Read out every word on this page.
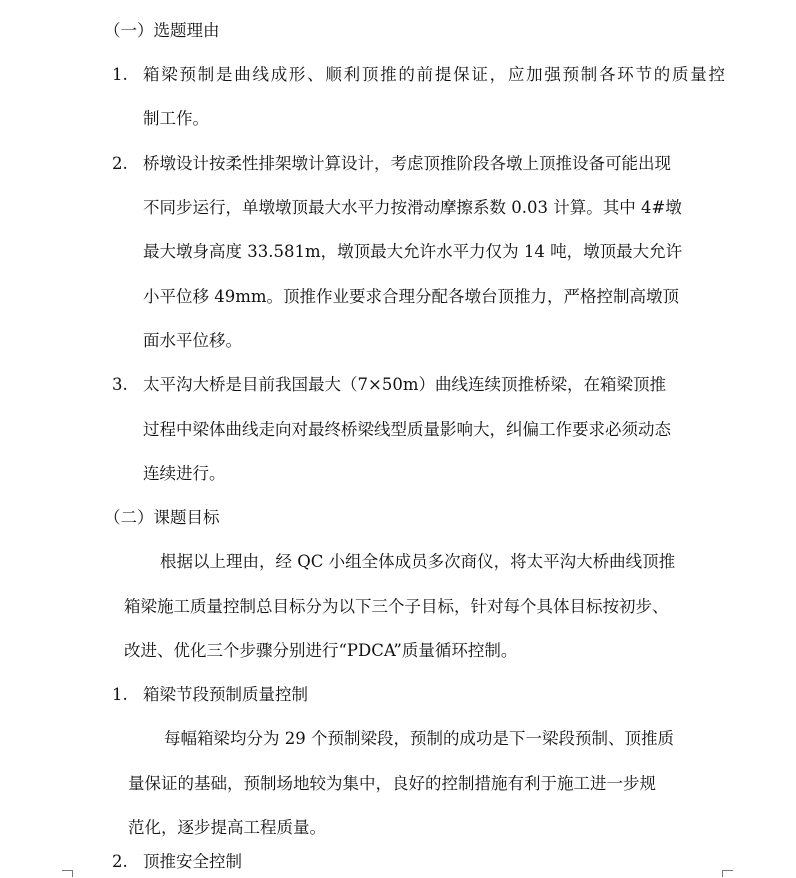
（一）选题理由
1. 箱梁预制是曲线成形、顺利顶推的前提保证，应加强预制各环节的质量控
制工作。
2. 桥墩设计按柔性排架墩计算设计，考虑顶推阶段各墩上顶推设备可能出现
不同步运行，单墩墩顶最大水平力按滑动摩擦系数 0.03 计算。其中 4#墩
最大墩身高度 33.581m，墩顶最大允许水平力仅为 14 吨，墩顶最大允许
小平位移 49mm。顶推作业要求合理分配各墩台顶推力，严格控制高墩顶
面水平位移。
3. 太平沟大桥是目前我国最大（7×50m）曲线连续顶推桥梁，在箱梁顶推
过程中梁体曲线走向对最终桥梁线型质量影响大，纠偏工作要求必须动态
连续进行。
（二）课题目标
根据以上理由，经 QC 小组全体成员多次商仪，将太平沟大桥曲线顶推
箱梁施工质量控制总目标分为以下三个子目标，针对每个具体目标按初步、
改进、优化三个步骤分别进行“PDCA”质量循环控制。
1. 箱梁节段预制质量控制
每幅箱梁均分为 29 个预制梁段，预制的成功是下一梁段预制、顶推质
量保证的基础，预制场地较为集中，良好的控制措施有利于施工进一步规
范化，逐步提高工程质量。
2. 顶推安全控制
